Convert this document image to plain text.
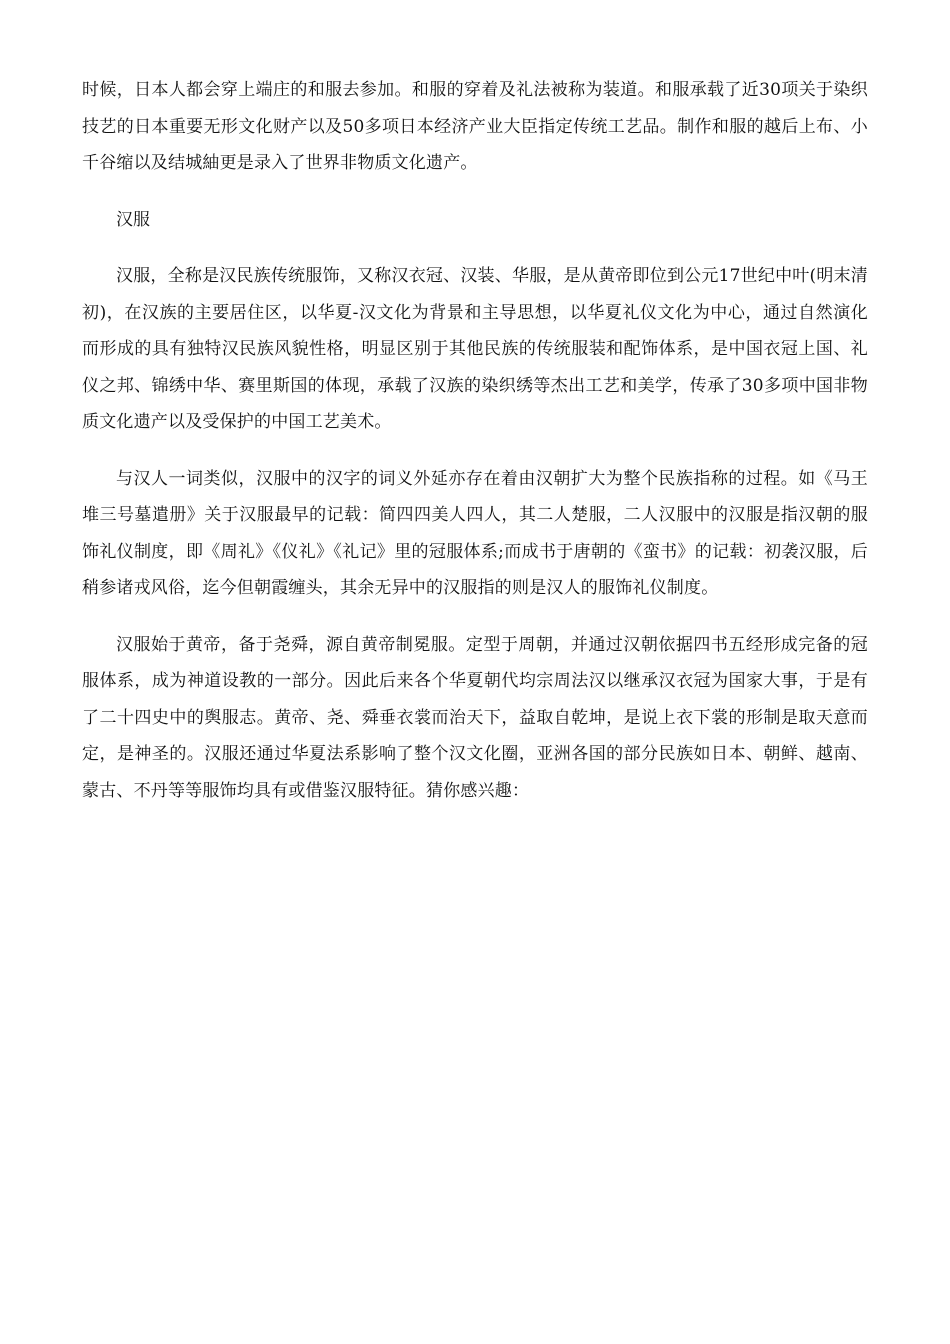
时候，日本人都会穿上端庄的和服去参加。和服的穿着及礼法被称为装道。和服承载了近30项关于染织技艺的日本重要无形文化财产以及50多项日本经济产业大臣指定传统工艺品。制作和服的越后上布、小千谷缩以及结城紬更是录入了世界非物质文化遗产。

汉服

汉服，全称是汉民族传统服饰，又称汉衣冠、汉装、华服，是从黄帝即位到公元17世纪中叶(明末清初)，在汉族的主要居住区，以华夏-汉文化为背景和主导思想，以华夏礼仪文化为中心，通过自然演化而形成的具有独特汉民族风貌性格，明显区别于其他民族的传统服装和配饰体系，是中国衣冠上国、礼仪之邦、锦绣中华、赛里斯国的体现，承载了汉族的染织绣等杰出工艺和美学，传承了30多项中国非物质文化遗产以及受保护的中国工艺美术。

与汉人一词类似，汉服中的汉字的词义外延亦存在着由汉朝扩大为整个民族指称的过程。如《马王堆三号墓遣册》关于汉服最早的记载：简四四美人四人，其二人楚服，二人汉服中的汉服是指汉朝的服饰礼仪制度，即《周礼》《仪礼》《礼记》里的冠服体系;而成书于唐朝的《蛮书》的记载：初袭汉服，后稍参诸戎风俗，迄今但朝霞缠头，其余无异中的汉服指的则是汉人的服饰礼仪制度。

汉服始于黄帝，备于尧舜，源自黄帝制冕服。定型于周朝，并通过汉朝依据四书五经形成完备的冠服体系，成为神道设教的一部分。因此后来各个华夏朝代均宗周法汉以继承汉衣冠为国家大事，于是有了二十四史中的舆服志。黄帝、尧、舜垂衣裳而治天下，益取自乾坤，是说上衣下裳的形制是取天意而定，是神圣的。汉服还通过华夏法系影响了整个汉文化圈，亚洲各国的部分民族如日本、朝鲜、越南、蒙古、不丹等等服饰均具有或借鉴汉服特征。猜你感兴趣：
